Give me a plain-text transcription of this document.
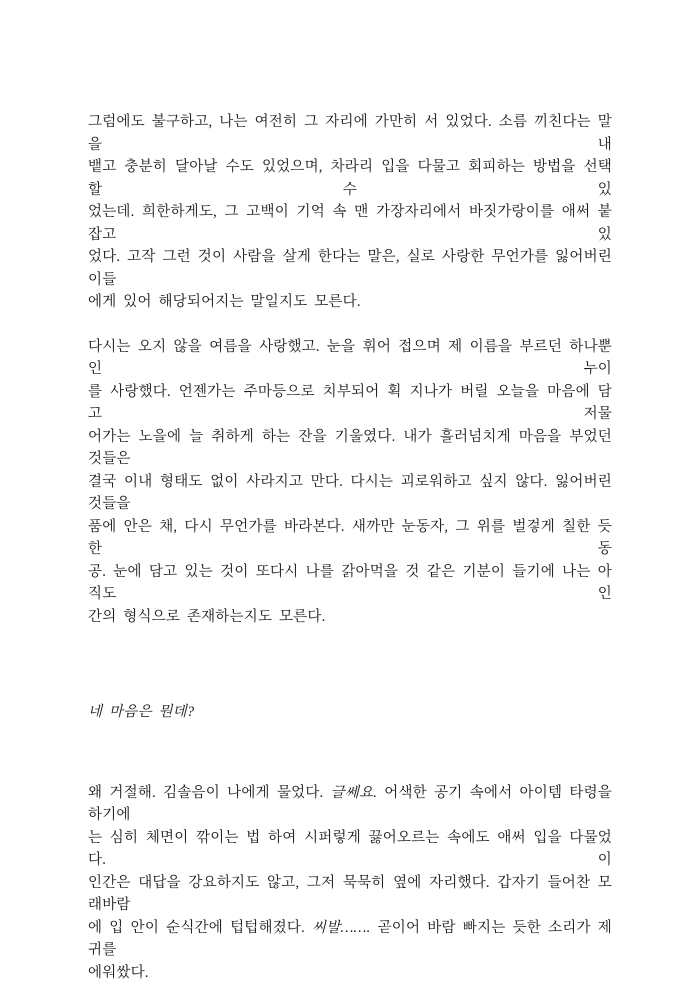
그럼에도 불구하고, 나는 여전히 그 자리에 가만히 서 있었다. 소름 끼친다는 말을 내
뱉고 충분히 달아날 수도 있었으며, 차라리 입을 다물고 회피하는 방법을 선택할 수 있
었는데. 희한하게도, 그 고백이 기억 속 맨 가장자리에서 바짓가랑이를 애써 붙잡고 있
었다. 고작 그런 것이 사람을 살게 한다는 말은, 실로 사랑한 무언가를 잃어버린 이들
에게 있어 해당되어지는 말일지도 모른다.
다시는 오지 않을 여름을 사랑했고. 눈을 휘어 접으며 제 이름을 부르던 하나뿐인 누이
를 사랑했다. 언젠가는 주마등으로 치부되어 획 지나가 버릴 오늘을 마음에 담고 저물
어가는 노을에 늘 취하게 하는 잔을 기울였다. 내가 흘러넘치게 마음을 부었던 것들은
결국 이내 형태도 없이 사라지고 만다. 다시는 괴로워하고 싶지 않다. 잃어버린 것들을
품에 안은 채, 다시 무언가를 바라본다. 새까만 눈동자, 그 위를 벌겋게 칠한 듯한 동
공. 눈에 담고 있는 것이 또다시 나를 갉아먹을 것 같은 기분이 들기에 나는 아직도 인
간의 형식으로 존재하는지도 모른다.
네 마음은 뭔데?
왜 거절해. 김솔음이 나에게 물었다. 글쎄요. 어색한 공기 속에서 아이템 타령을 하기에
는 심히 체면이 깎이는 법 하여 시퍼렇게 끓어오르는 속에도 애써 입을 다물었다. 이
인간은 대답을 강요하지도 않고, 그저 묵묵히 옆에 자리했다. 갑자기 들어찬 모래바람
에 입 안이 순식간에 텁텁해졌다. 씨발……. 곧이어 바람 빠지는 듯한 소리가 제 귀를
에워쌌다.
